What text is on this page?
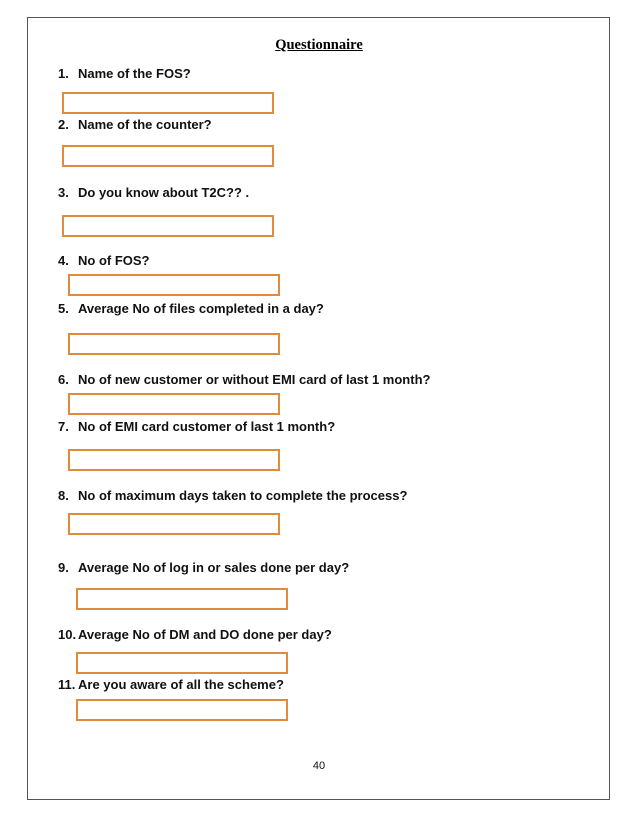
Questionnaire
1. Name of the FOS?
2. Name of the counter?
3. Do you know about T2C?? .
4. No of FOS?
5. Average No of files completed in a day?
6. No of new customer or without EMI card of last 1 month?
7. No of EMI card customer of last 1 month?
8. No of maximum days taken to complete the process?
9. Average No of log in or sales done per day?
10. Average No of DM and DO done per day?
11. Are you aware of all the scheme?
40
